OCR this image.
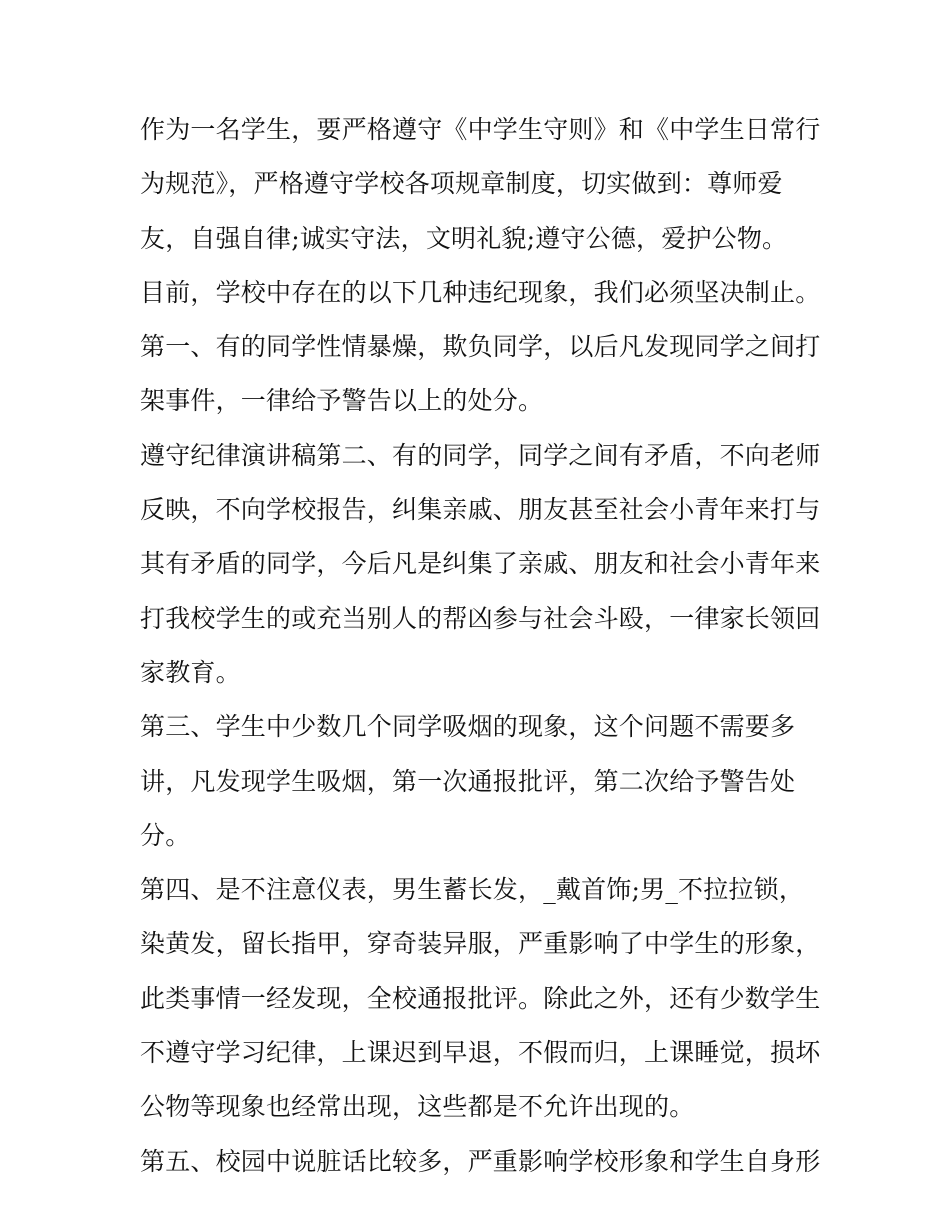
作为一名学生，要严格遵守《中学生守则》和《中学生日常行
为规范》，严格遵守学校各项规章制度，切实做到：尊师爱
友，自强自律;诚实守法，文明礼貌;遵守公德，爱护公物。
目前，学校中存在的以下几种违纪现象，我们必须坚决制止。
第一、有的同学性情暴燥，欺负同学，以后凡发现同学之间打
架事件，一律给予警告以上的处分。
遵守纪律演讲稿第二、有的同学，同学之间有矛盾，不向老师
反映，不向学校报告，纠集亲戚、朋友甚至社会小青年来打与
其有矛盾的同学，今后凡是纠集了亲戚、朋友和社会小青年来
打我校学生的或充当别人的帮凶参与社会斗殴，一律家长领回
家教育。
第三、学生中少数几个同学吸烟的现象，这个问题不需要多
讲，凡发现学生吸烟，第一次通报批评，第二次给予警告处
分。
第四、是不注意仪表，男生蓄长发，_戴首饰;男_不拉拉锁，
染黄发，留长指甲，穿奇装异服，严重影响了中学生的形象，
此类事情一经发现，全校通报批评。除此之外，还有少数学生
不遵守学习纪律，上课迟到早退，不假而归，上课睡觉，损坏
公物等现象也经常出现，这些都是不允许出现的。
第五、校园中说脏话比较多，严重影响学校形象和学生自身形
